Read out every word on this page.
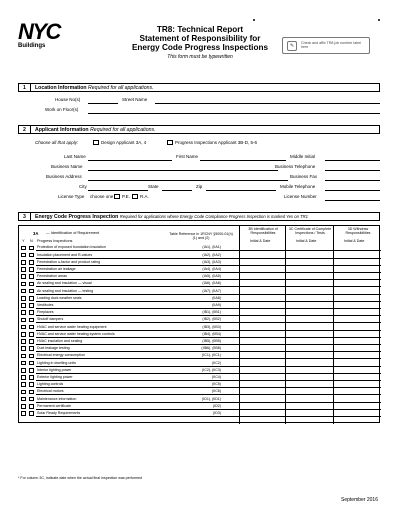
NYC
Buildings
TR8: Technical Report
Statement of Responsibility for
Energy Code Progress Inspections
This form must be typewritten
✎	Check and affix TR8 job number label here
1	Location Information Required for all applications.
House No(s)	Street Name
Work on Floor(s)
2	Applicant Information Required for all applications.
Choose all that apply:	Design Applicant 3A, 4	Progress Inspections Applicant 3B-D, 5-6
Last Name	First Name	Middle Initial
Business Name	Business Telephone
Business Address	Business Fax
City	State	Zip	Mobile Telephone
License Type choose one P.E. R.A.	License Number
3	Energy Code Progress Inspection Required for applications where Energy Code Compliance Progress Inspection is marked Yes on TR1
3A — Identification of Requirement
Y N Progress Inspections
Table Reference in 1RCNY §5000-01(h) (1) and (2)
3B Identification of Responsibilities
3C Certificate of Complete Inspections / Tests
3D Withdraw Responsibilities
Initial & Date	Initial & Date	Initial & Date
Protection of exposed foundation insulation	(IA1), (IIA1)
Insulation placement and R-values	(IA2), (IIA2)
Fenestration u-factor and product rating	(IA3), (IIA3)
Fenestration air leakage	(IA4), (IIA4)
Fenestration areas	(IA5), (IIA5)
Air sealing and insulation — visual	(IA6), (IIA6)
Air sealing and insulation — testing	(IA7), (IIA7)
Loading dock weather seals	(IIA8)
Vestibules	(IIA9)
Fireplaces	(IB1), (IIB1)
Shutoff dampers	(IB2), (IIB2)
HVAC and service water heating equipment	(IB3), (IIB3)
HVAC and service water heating system controls	(IB4), (IIB4)
HVAC insulation and sealing	(IB5), (IIB5)
Duct leakage testing	(IIB6), (IIB8)
Electrical energy consumption	(IC1), (IIC1)
Lighting in dwelling units	(IIC2)
Interior lighting power	(IC2), (IIC3)
Exterior lighting power	(IIC4)
Lighting controls	(IIC5)
Electrical motors	(IIC6)
Maintenance information	(ID1), (IID1)
Permanent certificate	(ID2)
Solar Ready Requirements	(ID3)
* For column 3C, indicate date when the actual final inspection was performed
September 2016
